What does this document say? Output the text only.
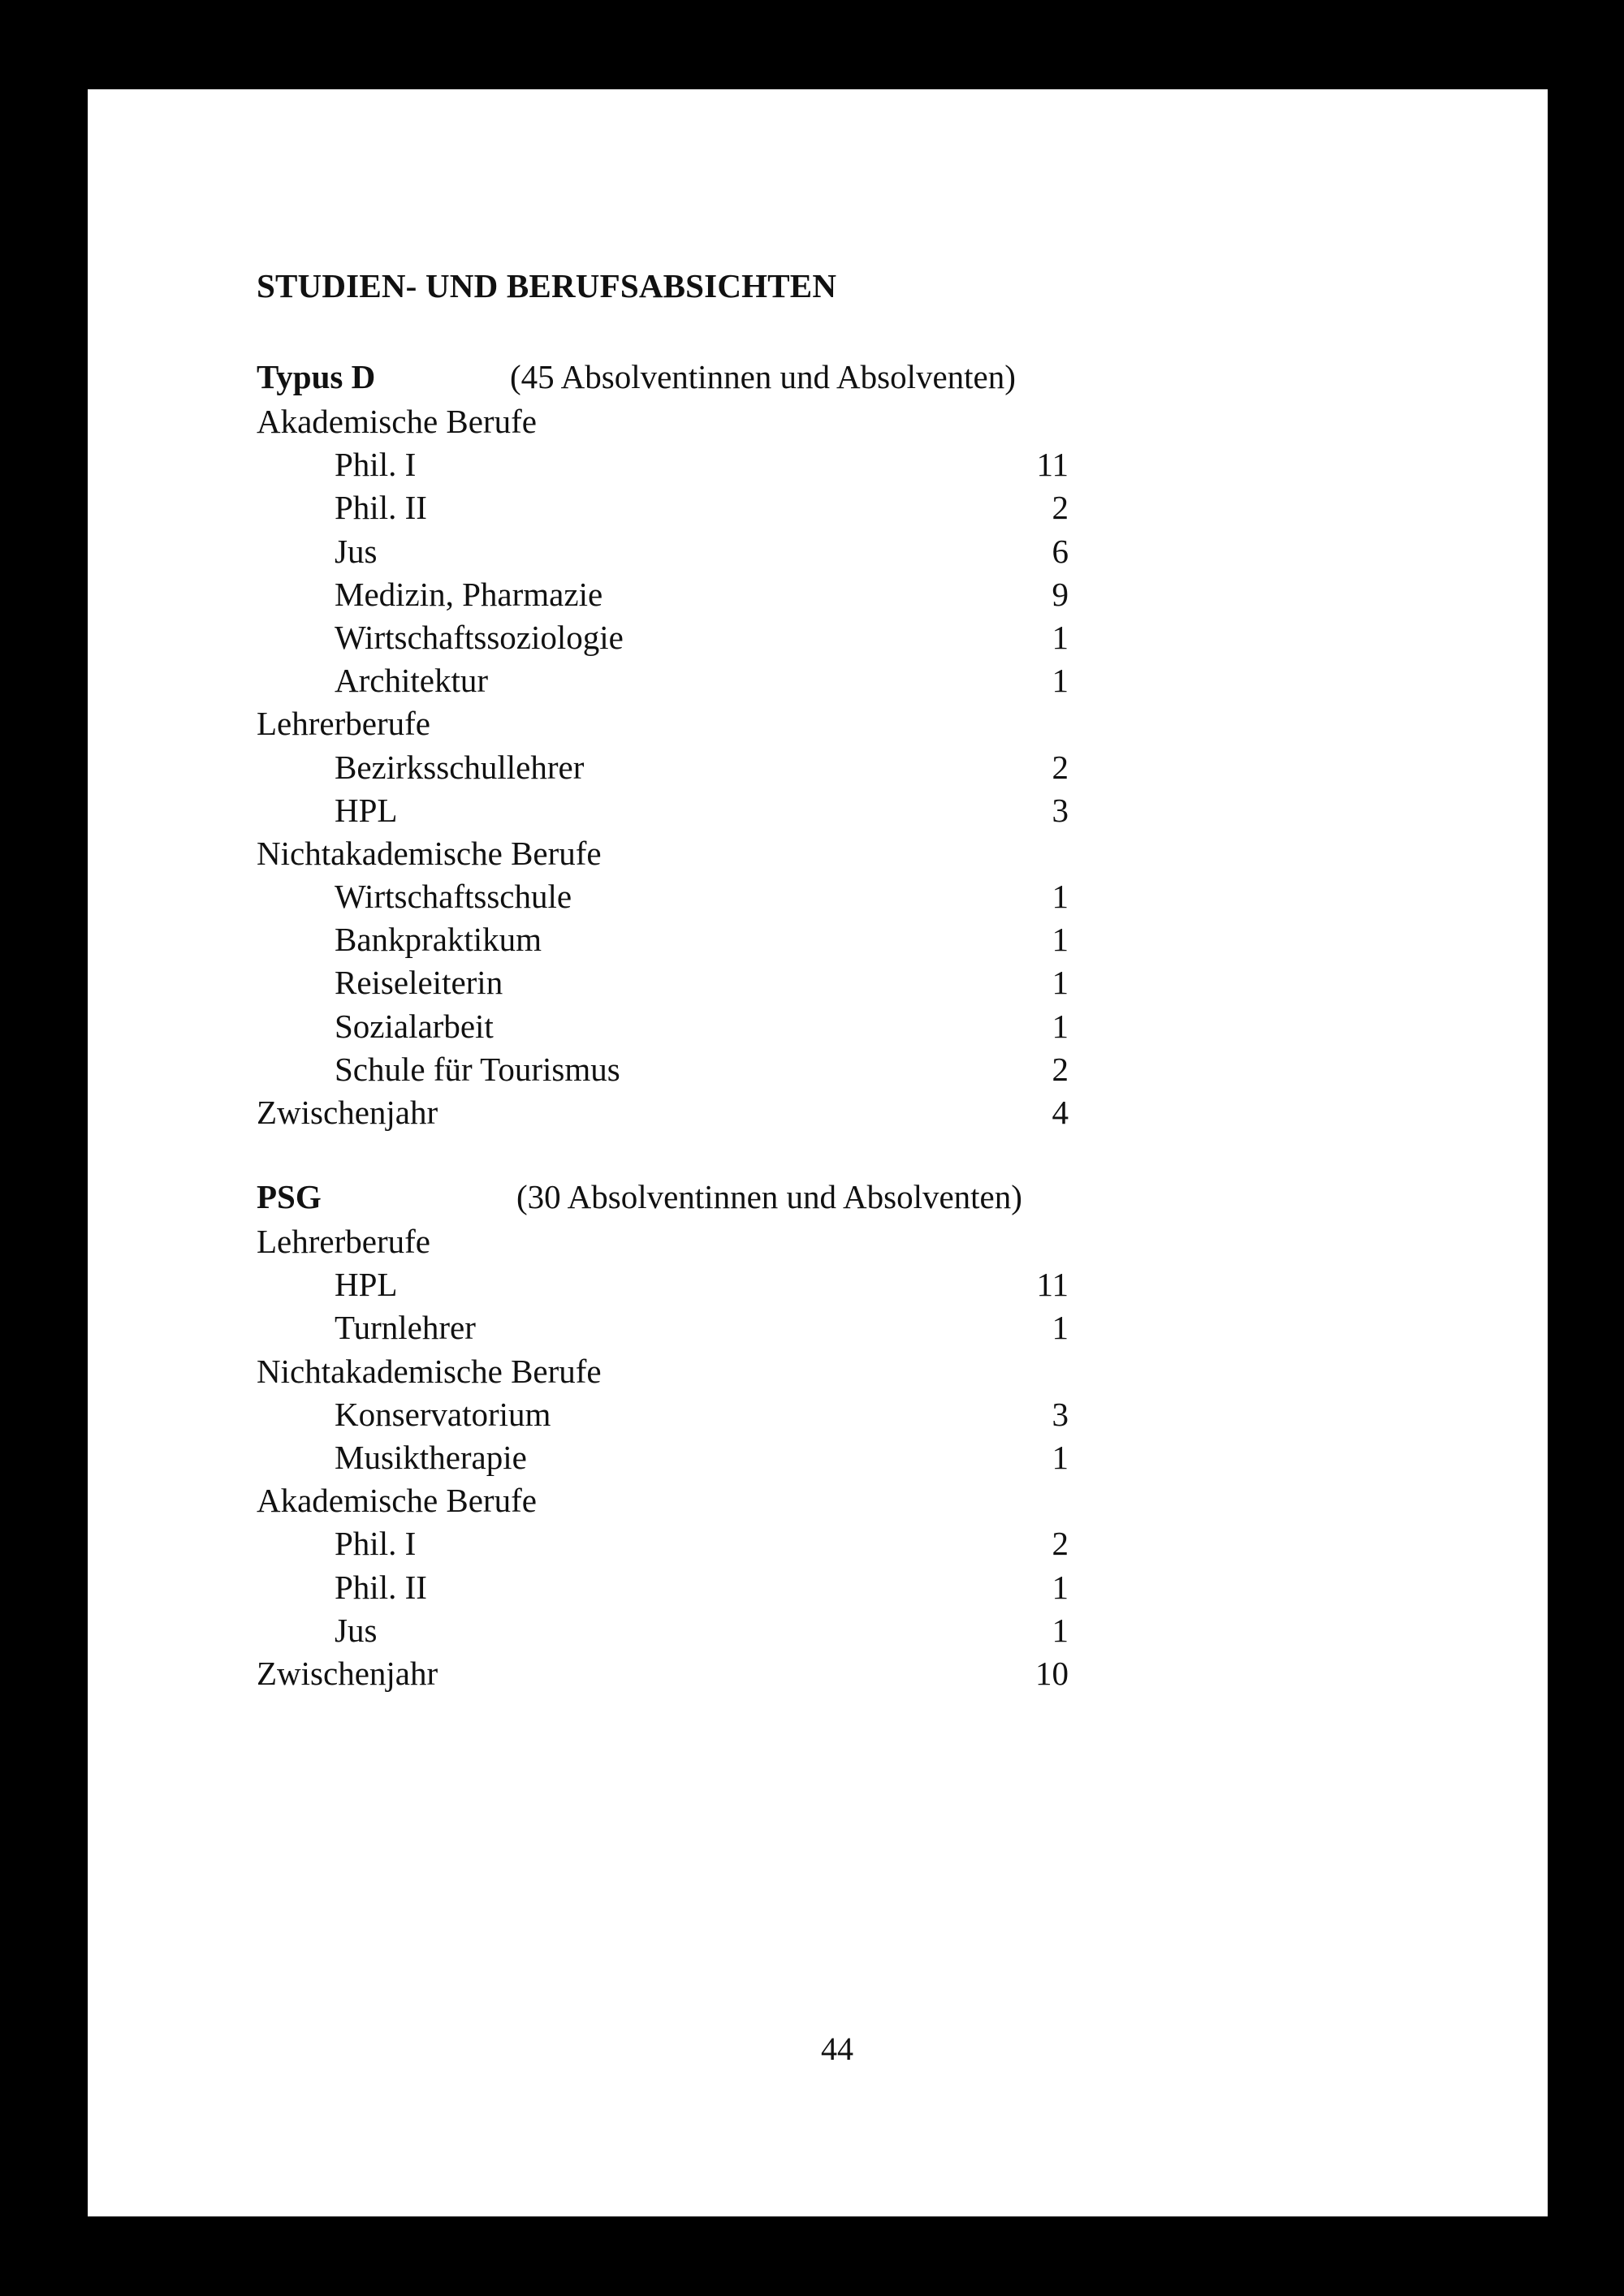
STUDIEN- UND BERUFSABSICHTEN
Typus D	(45 Absolventinnen und Absolventen)
Akademische Berufe
Phil. I	11
Phil. II	2
Jus	6
Medizin, Pharmazie	9
Wirtschaftssoziologie	1
Architektur	1
Lehrerberufe
Bezirksschullehrer	2
HPL	3
Nichtakademische Berufe
Wirtschaftsschule	1
Bankpraktikum	1
Reiseleiterin	1
Sozialarbeit	1
Schule für Tourismus	2
Zwischenjahr	4
PSG	(30 Absolventinnen und Absolventen)
Lehrerberufe
HPL	11
Turnlehrer	1
Nichtakademische Berufe
Konservatorium	3
Musiktherapie	1
Akademische Berufe
Phil. I	2
Phil. II	1
Jus	1
Zwischenjahr	10
44
